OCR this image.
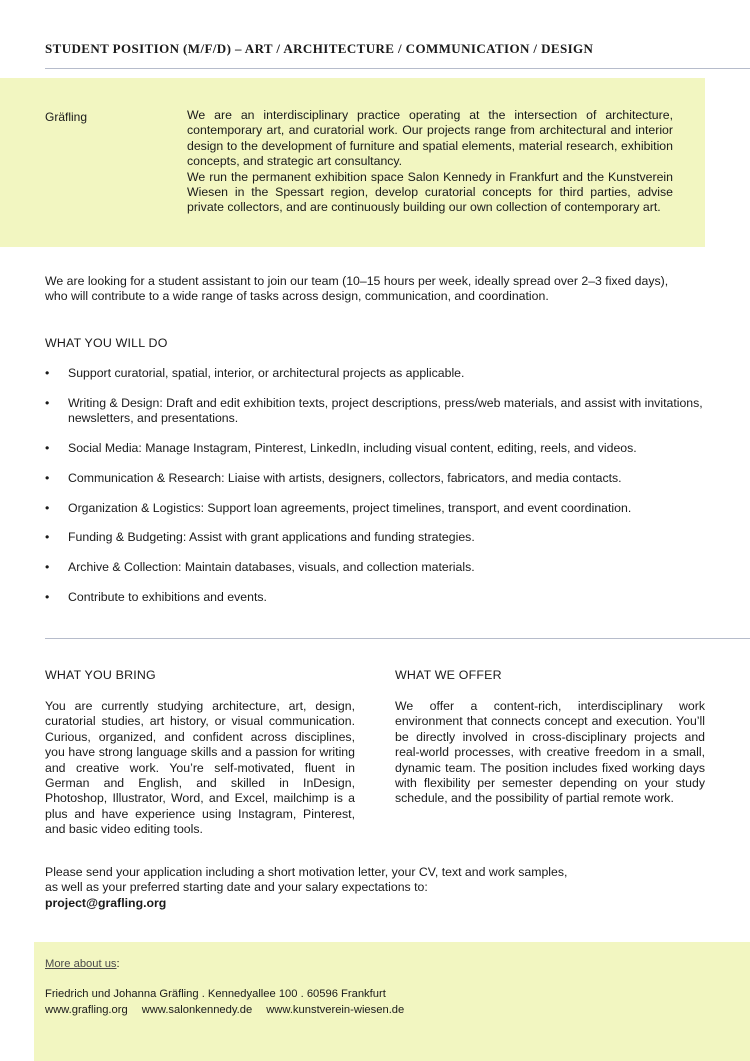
STUDENT POSITION (M/F/D) – ART / ARCHITECTURE / COMMUNICATION / DESIGN
Gräfling	We are an interdisciplinary practice operating at the intersection of architecture, contemporary art, and curatorial work. Our projects range from architectural and interior design to the development of furniture and spatial elements, material research, exhibition concepts, and strategic art consultancy.

We run the permanent exhibition space Salon Kennedy in Frankfurt and the Kunstverein Wiesen in the Spessart region, develop curatorial concepts for third parties, advise private collectors, and are continuously building our own collection of contemporary art.

We are looking for a student assistant to join our team (10–15 hours per week, ideally spread over 2–3 fixed days),

who will contribute to a wide range of tasks across design, communication, and coordination.

WHAT YOU WILL DO
• Support curatorial, spatial, interior, or architectural projects as applicable.
• Writing & Design: Draft and edit exhibition texts, project descriptions, press/web materials, and assist with invitations, newsletters, and presentations.
• Social Media: Manage Instagram, Pinterest, LinkedIn, including visual content, editing, reels, and videos.
• Communication & Research: Liaise with artists, designers, collectors, fabricators, and media contacts.
• Organization & Logistics: Support loan agreements, project timelines, transport, and event coordination.
• Funding & Budgeting: Assist with grant applications and funding strategies.
• Archive & Collection: Maintain databases, visuals, and collection materials.
• Contribute to exhibitions and events.
WHAT YOU BRING

You are currently studying architecture, art, design, curatorial studies, art history, or visual communication. Curious, organized, and confident across disciplines, you have strong language skills and a passion for writing and creative work. You’re self-motivated, fluent in German and English, and skilled in InDesign, Photoshop, Illustrator, Word, and Excel, mailchimp is a plus and have experience using Instagram, Pinterest, and basic video editing tools.

WHAT WE OFFER

We offer a content-rich, interdisciplinary work environment that connects concept and execution. You’ll be directly involved in cross-disciplinary projects and real-world processes, with creative freedom in a small, dynamic team. The position includes fixed working days with flexibility per semester depending on your study schedule, and the possibility of partial remote work.

Please send your application including a short motivation letter, your CV, text and work samples,

as well as your preferred starting date and your salary expectations to:

project@grafling.org

More about us:
Friedrich und Johanna Gräfling . Kennedyallee 100 . 60596 Frankfurt
www.grafling.org www.salonkennedy.de www.kunstverein-wiesen.de
